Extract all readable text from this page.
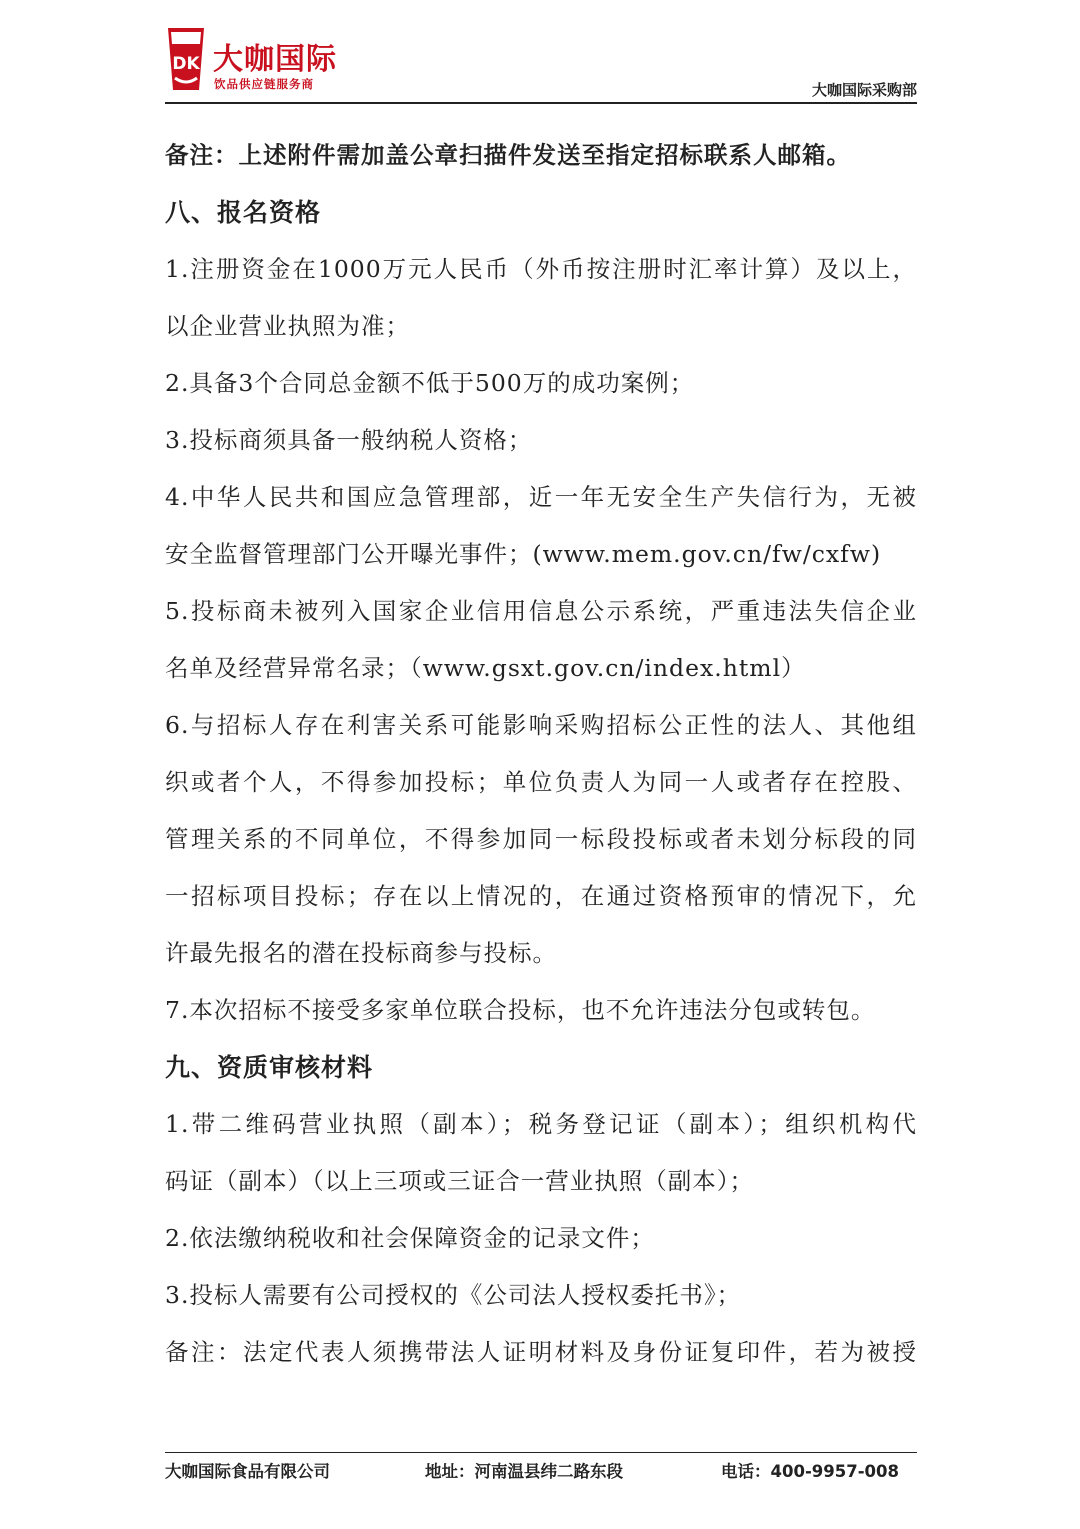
DK 大咖国际
饮品供应链服务商	大咖国际采购部
备注：上述附件需加盖公章扫描件发送至指定招标联系人邮箱。
八、报名资格
1.注册资金在1000万元人民币（外币按注册时汇率计算）及以上，
以企业营业执照为准；
2.具备3个合同总金额不低于500万的成功案例；
3.投标商须具备一般纳税人资格；
4.中华人民共和国应急管理部，近一年无安全生产失信行为，无被
安全监督管理部门公开曝光事件；(www.mem.gov.cn/fw/cxfw)
5.投标商未被列入国家企业信用信息公示系统，严重违法失信企业
名单及经营异常名录；（www.gsxt.gov.cn/index.html）
6.与招标人存在利害关系可能影响采购招标公正性的法人、其他组
织或者个人，不得参加投标；单位负责人为同一人或者存在控股、
管理关系的不同单位，不得参加同一标段投标或者未划分标段的同
一招标项目投标；存在以上情况的，在通过资格预审的情况下，允
许最先报名的潜在投标商参与投标。
7.本次招标不接受多家单位联合投标，也不允许违法分包或转包。
九、资质审核材料
1.带二维码营业执照（副本）；税务登记证（副本）；组织机构代
码证（副本）（以上三项或三证合一营业执照（副本）；
2.依法缴纳税收和社会保障资金的记录文件；
3.投标人需要有公司授权的《公司法人授权委托书》；
备注：法定代表人须携带法人证明材料及身份证复印件，若为被授
大咖国际食品有限公司	地址：河南温县纬二路东段	电话：400-9957-008
